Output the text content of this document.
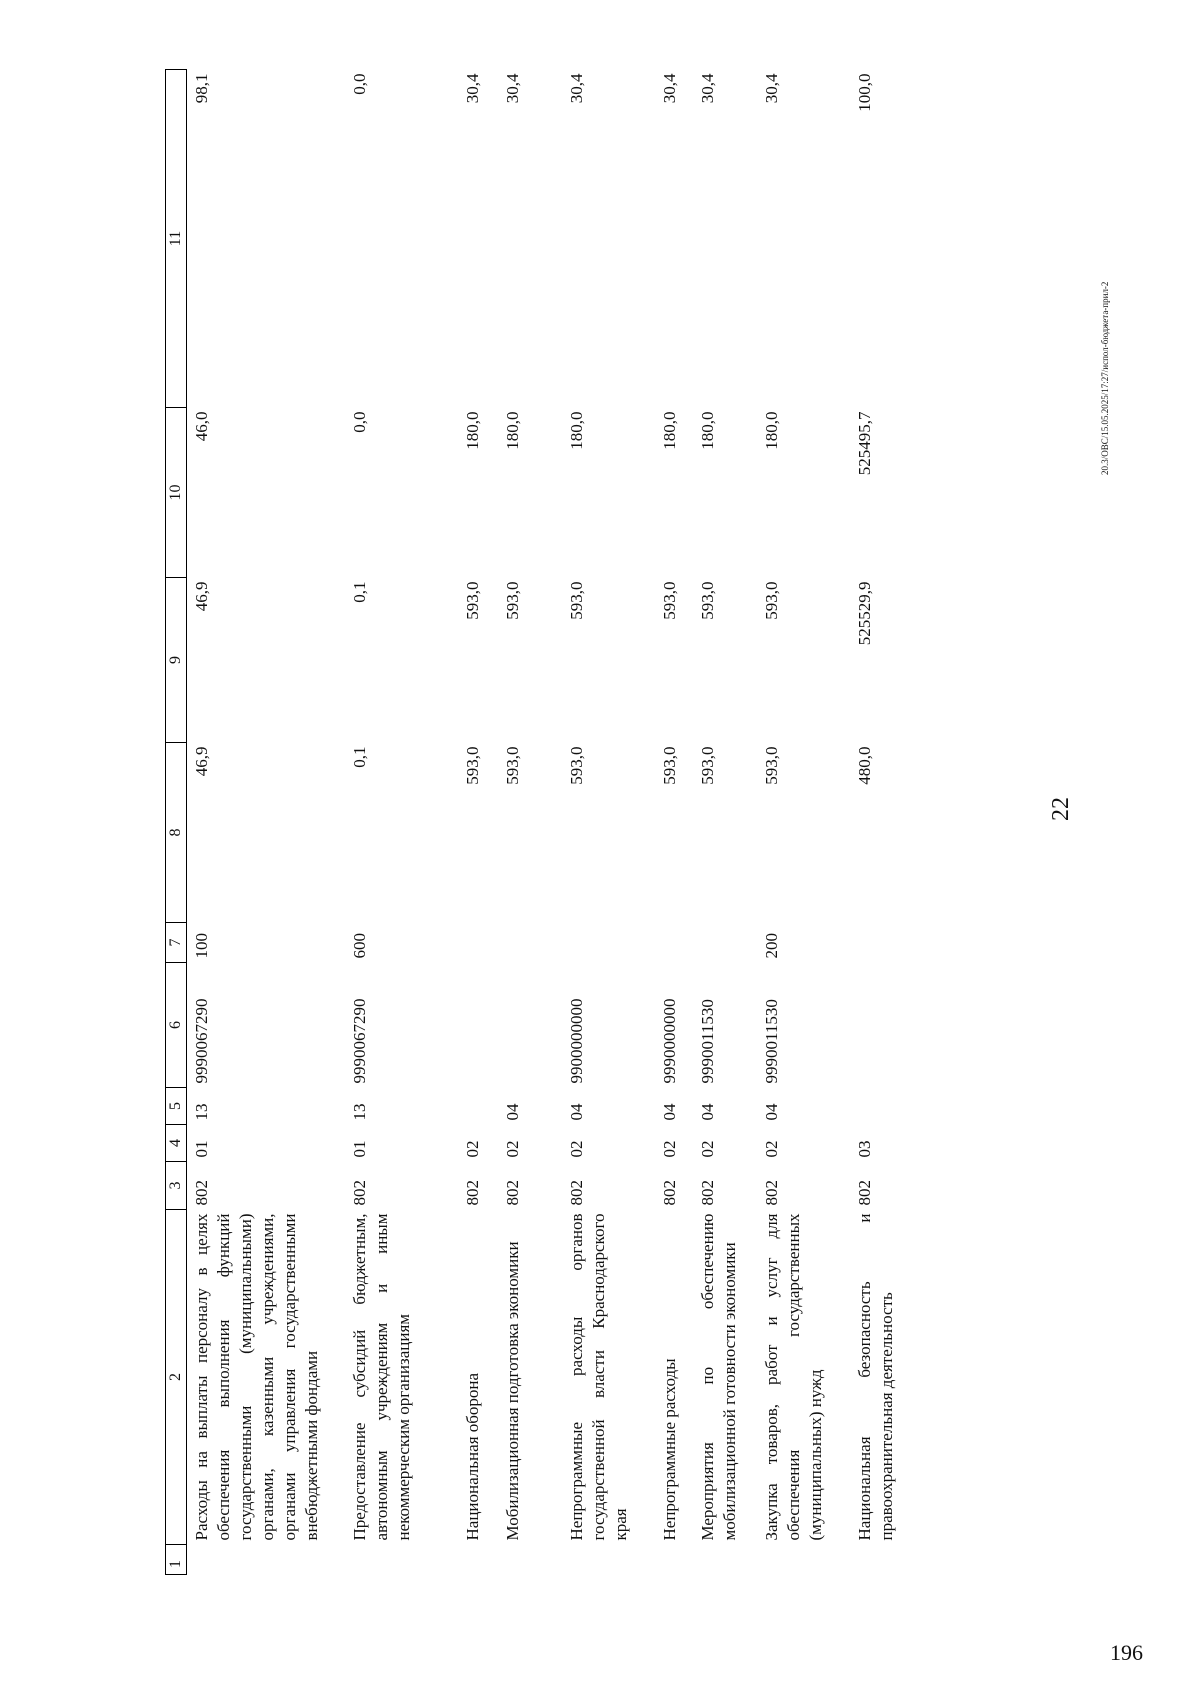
1	2	3	4	5	6	7	8	9	10	11
	Расходы на выплаты персоналу в целях обеспечения выполнения функций государственными (муниципальными) органами, казенными учреждениями, органами управления государственными внебюджетными фондами	802	01	13	9990067290	100	46,9	46,9	46,0	98,1
	Предоставление субсидий бюджетным, автономным учреждениям и иным некоммерческим организациям	802	01	13	9990067290	600	0,1	0,1	0,0	0,0
	Национальная оборона	802	02				593,0	593,0	180,0	30,4
	Мобилизационная подготовка экономики	802	02	04			593,0	593,0	180,0	30,4
	Непрограммные расходы органов государственной власти Краснодарского края	802	02	04	9900000000		593,0	593,0	180,0	30,4
	Непрограммные расходы	802	02	04	9990000000		593,0	593,0	180,0	30,4
	Мероприятия по обеспечению мобилизационной готовности экономики	802	02	04	9990011530		593,0	593,0	180,0	30,4
	Закупка товаров, работ и услуг для обеспечения государственных (муниципальных) нужд	802	02	04	9990011530	200	593,0	593,0	180,0	30,4
	Национальная безопасность и правоохранительная деятельность	802	03				480,0	525529,9	525495,7	100,0
22
20.3/ОВС/15.05.2025/17:27/испол-бюджета-прил-2
196
